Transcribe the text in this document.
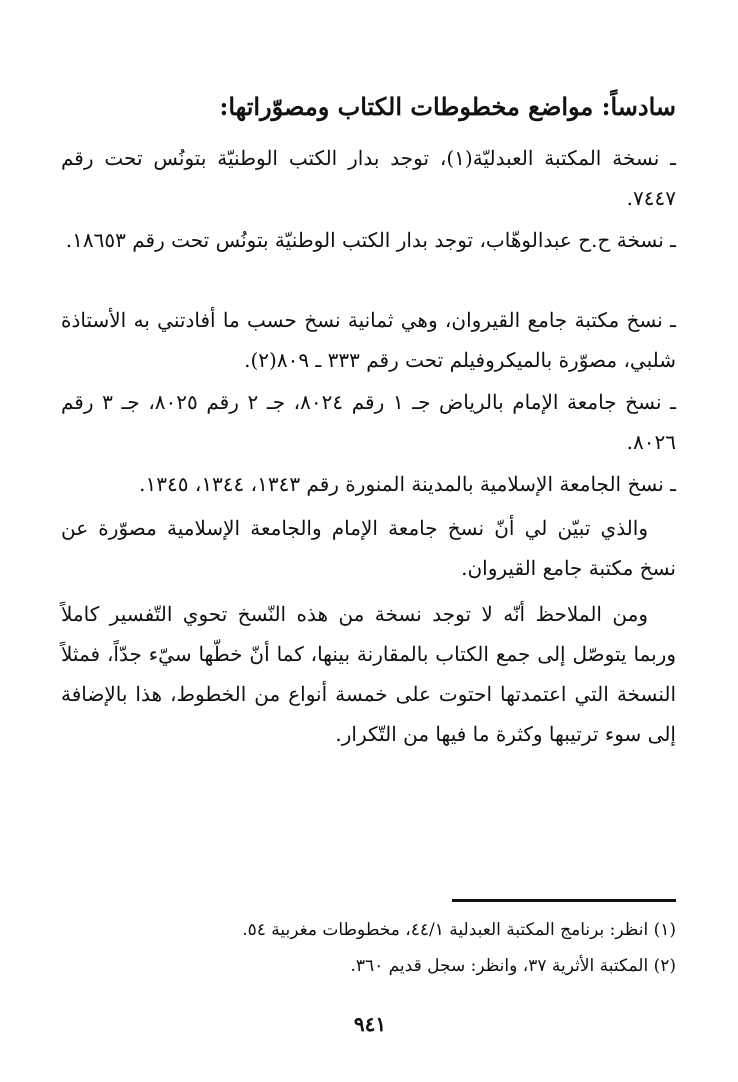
سادساً: مواضع مخطوطات الكتاب ومصوّراتها:
ـ نسخة المكتبة العبدليّة(١)، توجد بدار الكتب الوطنيّة بتونُس تحت رقم ٧٤٤٧.
ـ نسخة ح.ح عبدالوهّاب، توجد بدار الكتب الوطنيّة بتونُس تحت رقم ١٨٦٥٣.
ـ نسخ مكتبة جامع القيروان، وهي ثمانية نسخ حسب ما أفادتني به الأستاذة شلبي، مصوّرة بالميكروفيلم تحت رقم ٣٣٣ ـ ٨٠٩(٢).
ـ نسخ جامعة الإمام بالرياض جـ ١ رقم ٨٠٢٤، جـ ٢ رقم ٨٠٢٥، جـ ٣ رقم ٨٠٢٦.
ـ نسخ الجامعة الإسلامية بالمدينة المنورة رقم ١٣٤٣، ١٣٤٤، ١٣٤٥.
والذي تبيّن لي أنّ نسخ جامعة الإمام والجامعة الإسلامية مصوّرة عن نسخ مكتبة جامع القيروان.
ومن الملاحظ أنّه لا توجد نسخة من هذه النّسخ تحوي التّفسير كاملاً وربما يتوصّل إلى جمع الكتاب بالمقارنة بينها، كما أنّ خطّها سيّء جدّاً، فمثلاً النسخة التي اعتمدتها احتوت على خمسة أنواع من الخطوط، هذا بالإضافة إلى سوء ترتيبها وكثرة ما فيها من التّكرار.
(١) انظر: برنامج المكتبة العبدلية ٤٤/١، مخطوطات مغربية ٥٤.
(٢) المكتبة الأثرية ٣٧، وانظر: سجل قديم ٣٦٠.
٩٤١
